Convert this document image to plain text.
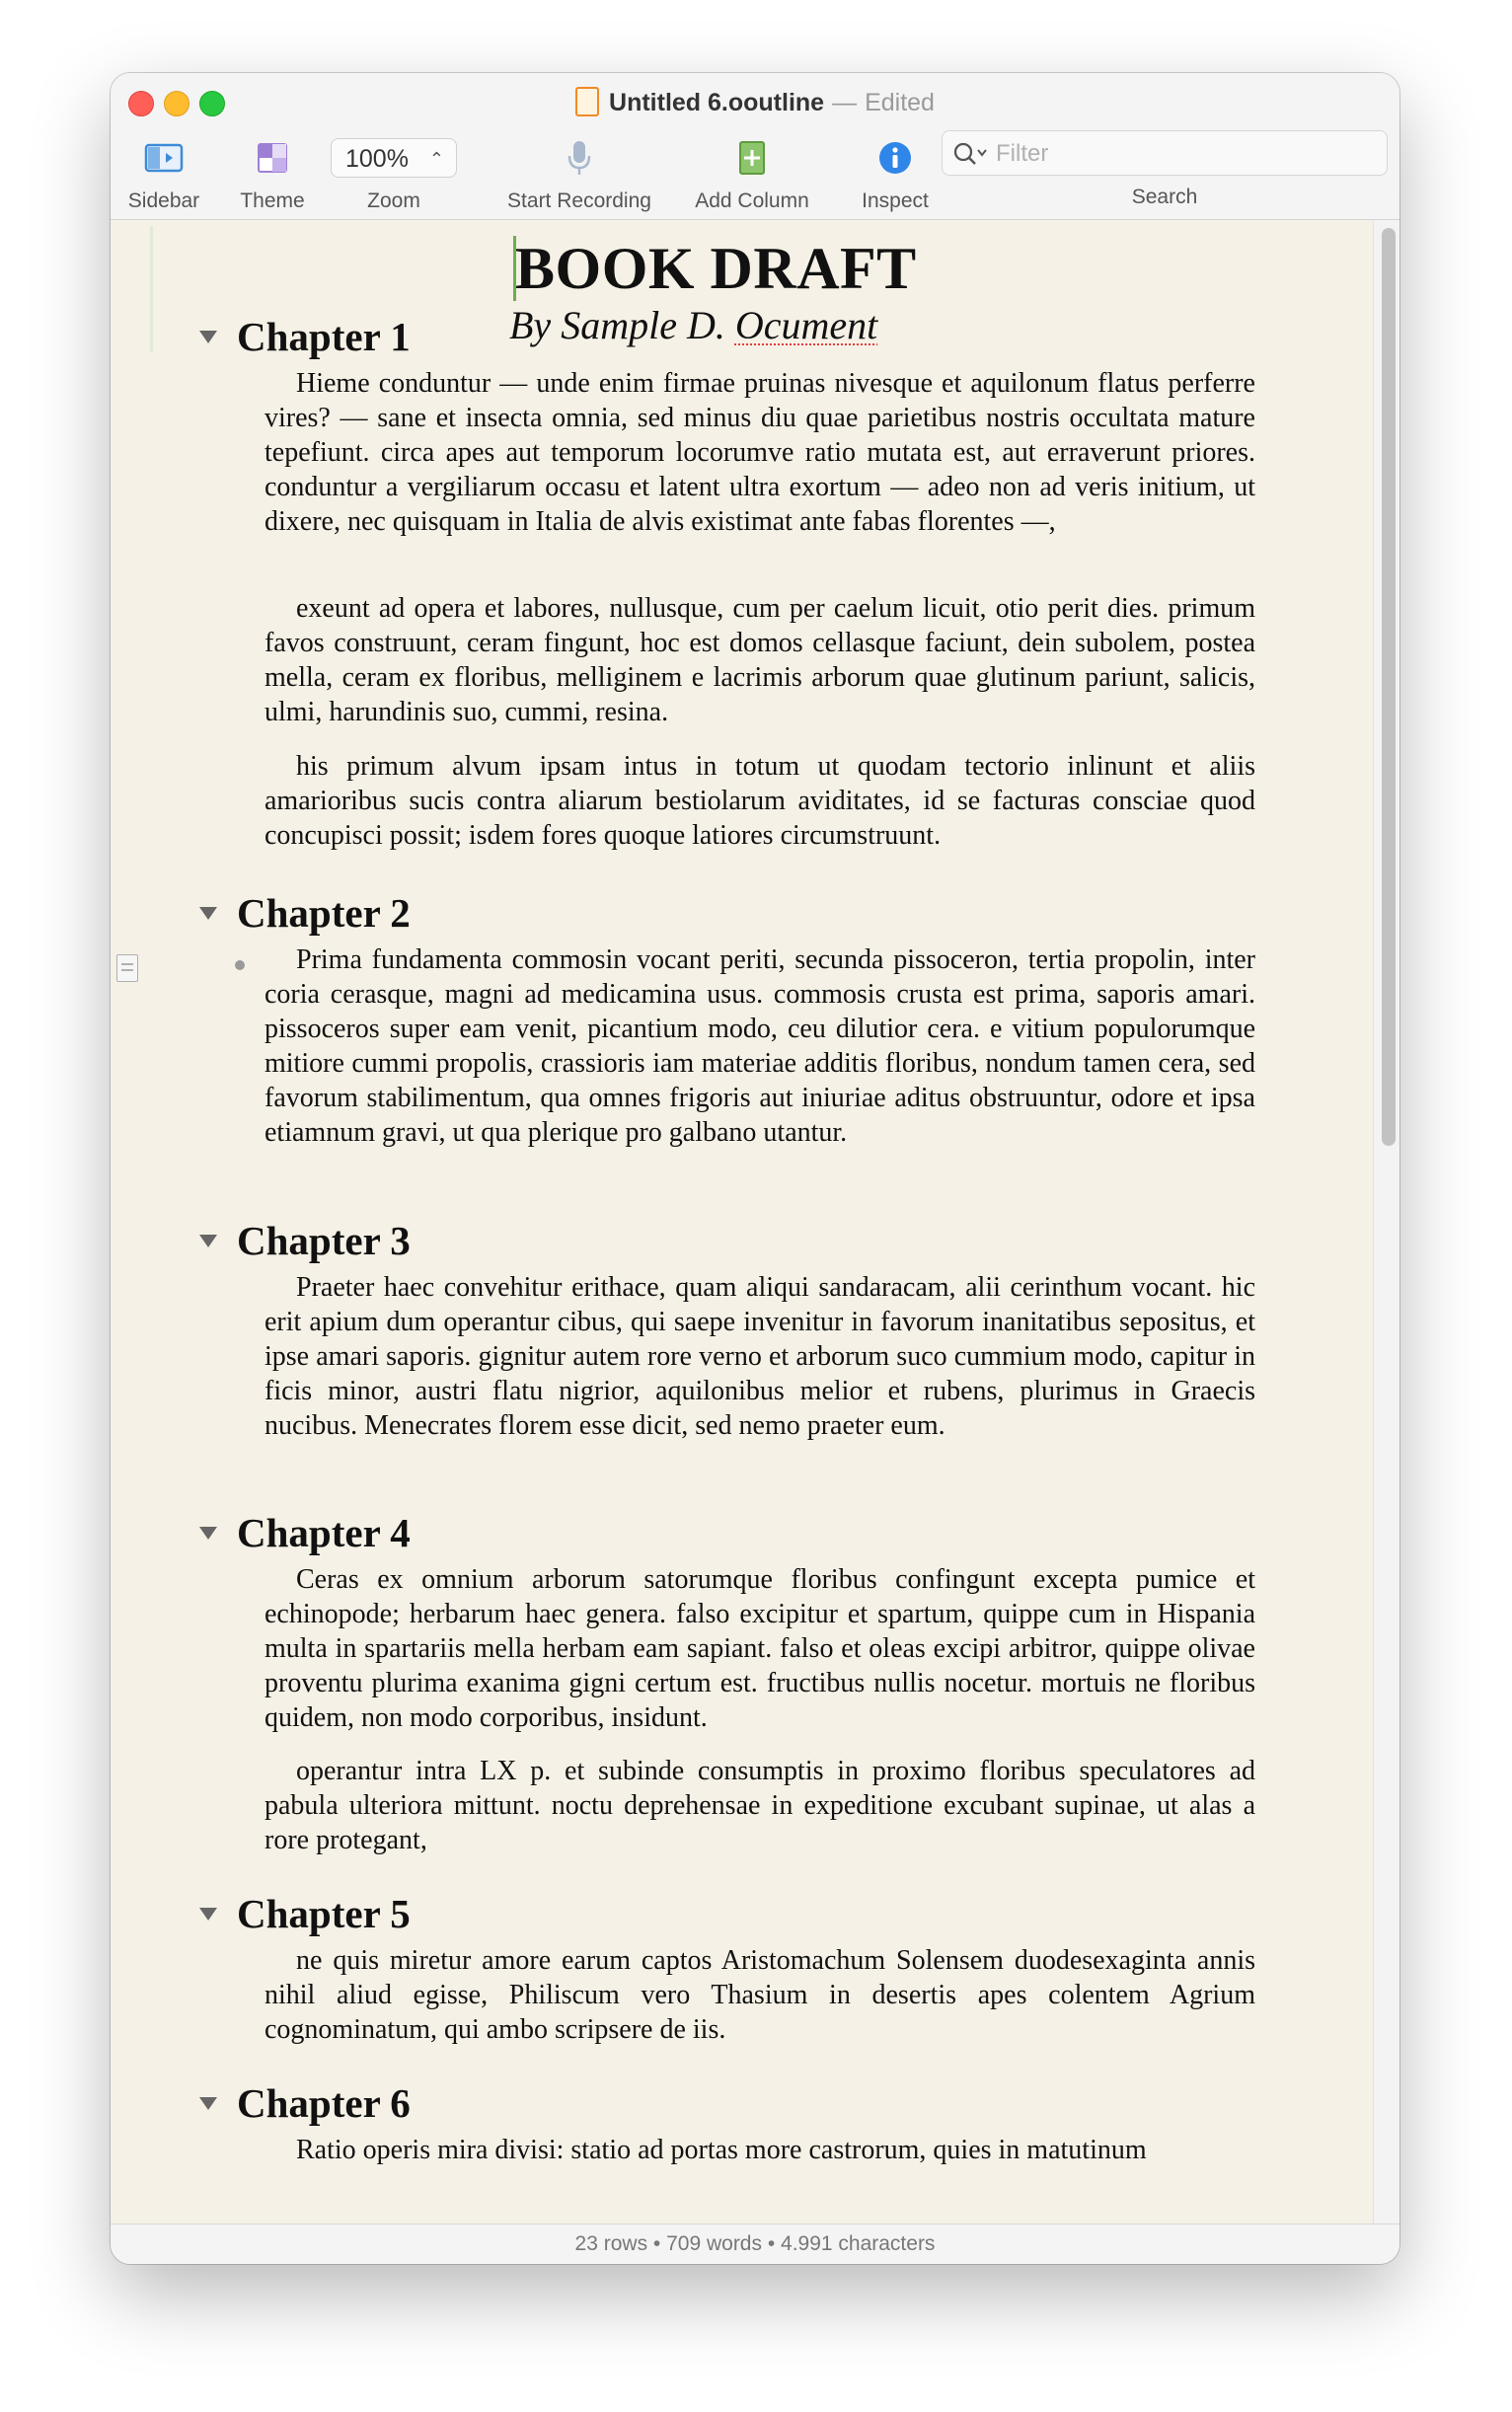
Untitled 6.ooutline — Edited
Sidebar	Theme
100% ⌃

Zoom	Start Recording	Add Column	Inspect
Filter	Search
BOOK DRAFT
By Sample D. Ocument
Chapter 1

Hieme conduntur — unde enim firmae pruinas nivesque et aquilonum flatus perferre vires? — sane et insecta omnia, sed minus diu quae parietibus nostris occultata mature tepefiunt. circa apes aut temporum locorumve ratio mutata est, aut erraverunt priores. conduntur a vergiliarum occasu et latent ultra exortum — adeo non ad veris initium, ut dixere, nec quisquam in Italia de alvis existimat ante fabas florentes —,

exeunt ad opera et labores, nullusque, cum per caelum licuit, otio perit dies. primum favos construunt, ceram fingunt, hoc est domos cellasque faciunt, dein subolem, postea mella, ceram ex floribus, melliginem e lacrimis arborum quae glutinum pariunt, salicis, ulmi, harundinis suo, cummi, resina.

his primum alvum ipsam intus in totum ut quodam tectorio inlinunt et aliis amarioribus sucis contra aliarum bestiolarum aviditates, id se facturas consciae quod concupisci possit; isdem fores quoque latiores circumstruunt.

Chapter 2

Prima fundamenta commosin vocant periti, secunda pissoceron, tertia propolin, inter coria cerasque, magni ad medicamina usus. commosis crusta est prima, saporis amari. pissoceros super eam venit, picantium modo, ceu dilutior cera. e vitium populorumque mitiore cummi propolis, crassioris iam materiae additis floribus, nondum tamen cera, sed favorum stabilimentum, qua omnes frigoris aut iniuriae aditus obstruuntur, odore et ipsa etiamnum gravi, ut qua plerique pro galbano utantur.

Chapter 3

Praeter haec convehitur erithace, quam aliqui sandaracam, alii cerinthum vocant. hic erit apium dum operantur cibus, qui saepe invenitur in favorum inanitatibus sepositus, et ipse amari saporis. gignitur autem rore verno et arborum suco cummium modo, capitur in ficis minor, austri flatu nigrior, aquilonibus melior et rubens, plurimus in Graecis nucibus. Menecrates florem esse dicit, sed nemo praeter eum.

Chapter 4

Ceras ex omnium arborum satorumque floribus confingunt excepta pumice et echinopode; herbarum haec genera. falso excipitur et spartum, quippe cum in Hispania multa in spartariis mella herbam eam sapiant. falso et oleas excipi arbitror, quippe olivae proventu plurima exanima gigni certum est. fructibus nullis nocetur. mortuis ne floribus quidem, non modo corporibus, insidunt.

operantur intra LX p. et subinde consumptis in proximo floribus speculatores ad pabula ulteriora mittunt. noctu deprehensae in expeditione excubant supinae, ut alas a rore protegant,

Chapter 5

ne quis miretur amore earum captos Aristomachum Solensem duodesexaginta annis nihil aliud egisse, Philiscum vero Thasium in desertis apes colentem Agrium cognominatum, qui ambo scripsere de iis.

Chapter 6

Ratio operis mira divisi: statio ad portas more castrorum, quies in matutinum

23 rows • 709 words • 4.991 characters
